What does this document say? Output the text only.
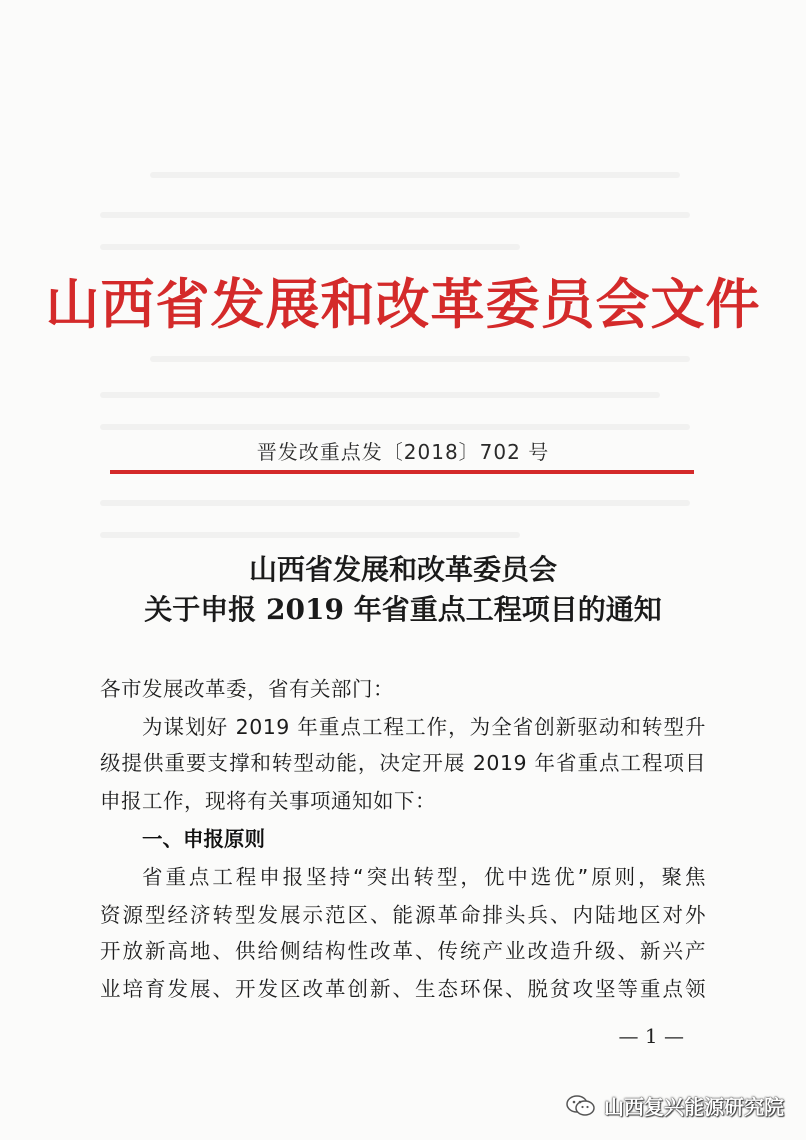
山西省发展和改革委员会文件
晋发改重点发〔2018〕702 号
山西省发展和改革委员会
关于申报 2019 年省重点工程项目的通知
各市发展改革委，省有关部门：
为谋划好 2019 年重点工程工作，为全省创新驱动和转型升
级提供重要支撑和转型动能，决定开展 2019 年省重点工程项目
申报工作，现将有关事项通知如下：
一、申报原则
省重点工程申报坚持“突出转型，优中选优”原则，聚焦
资源型经济转型发展示范区、能源革命排头兵、内陆地区对外
开放新高地、供给侧结构性改革、传统产业改造升级、新兴产
业培育发展、开发区改革创新、生态环保、脱贫攻坚等重点领
— 1 —
山西复兴能源研究院
